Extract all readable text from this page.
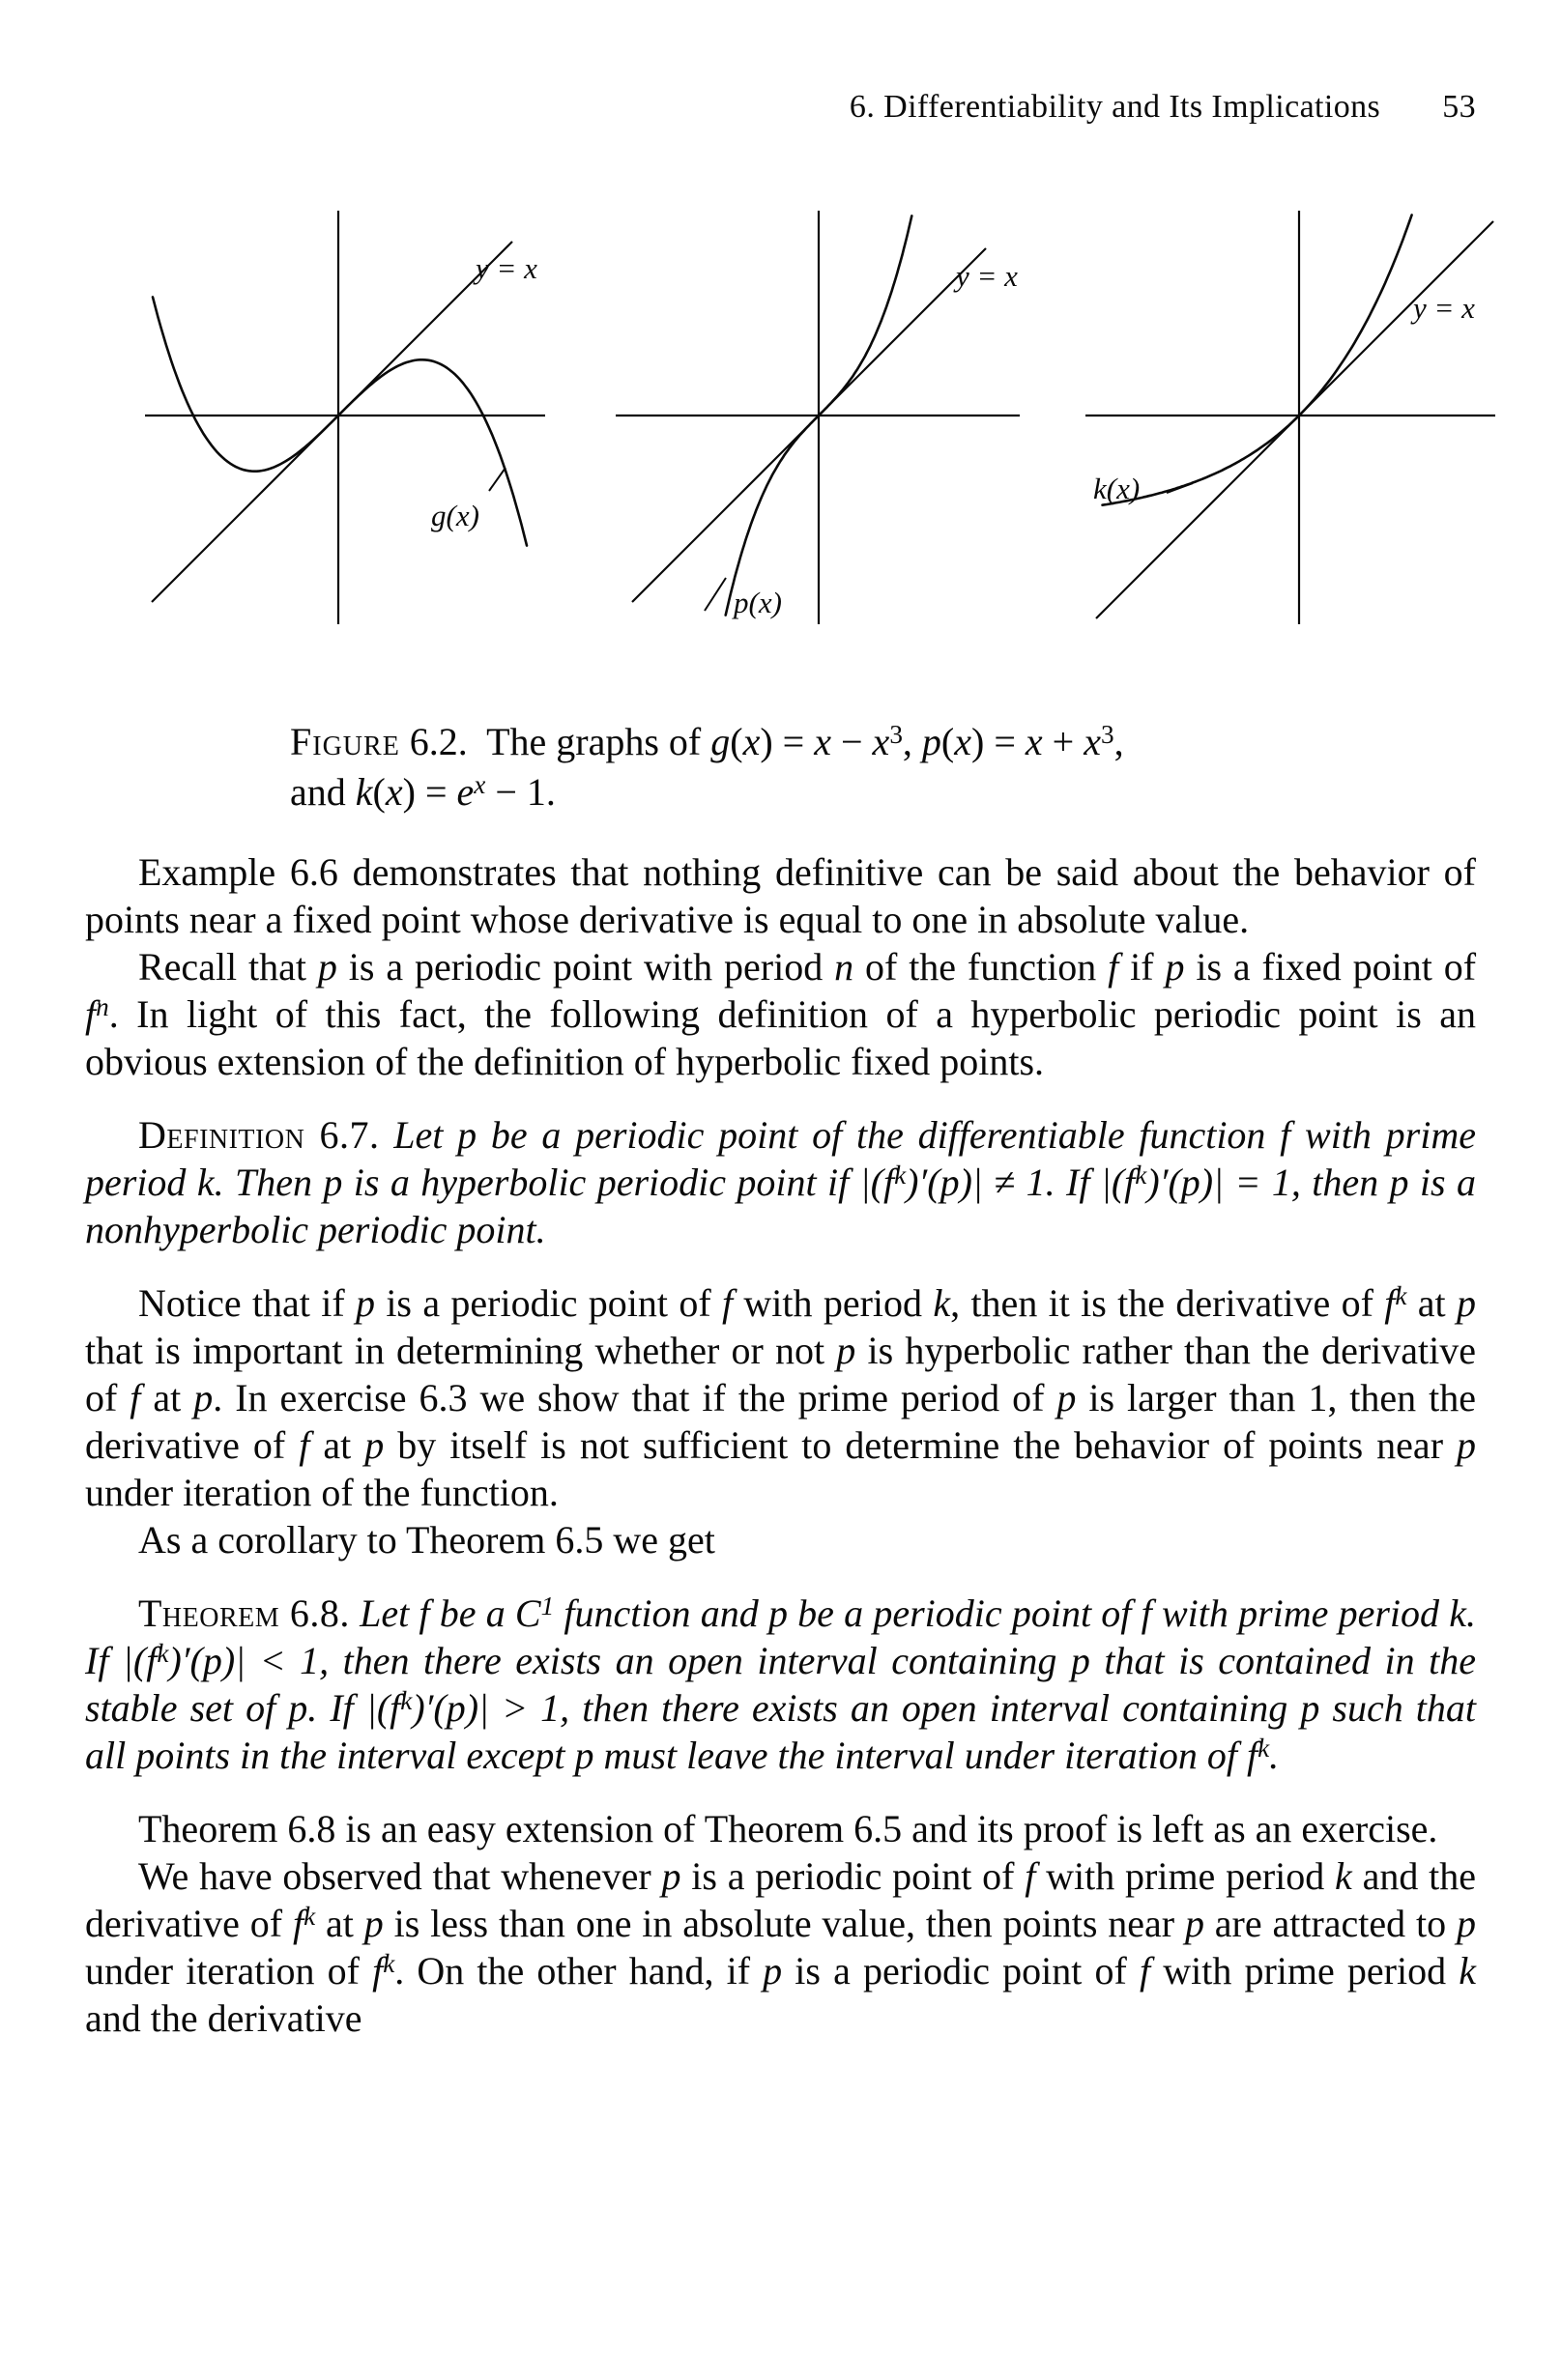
6. Differentiability and Its Implications 53
y = x
g(x)
y = x
p(x)
y = x
k(x)
Figure 6.2.  The graphs of $g(x) = x - x^3$, $p(x) = x + x^3$,
and $k(x) = e^x - 1$.

Example 6.6 demonstrates that nothing definitive can be said about the behavior of points near a fixed point whose derivative is equal to one in absolute value.

Recall that p is a periodic point with period n of the function f if p is a fixed point of $f^n$. In light of this fact, the following definition of a hyperbolic periodic point is an obvious extension of the definition of hyperbolic fixed points.

Definition 6.7. Let p be a periodic point of the differentiable function f with prime period k. Then p is a hyperbolic periodic point if $|(f^k)'(p)| \ne 1$. If $|(f^k)'(p)| = 1$, then p is a nonhyperbolic periodic point.

Notice that if p is a periodic point of f with period k, then it is the derivative of $f^k$ at p that is important in determining whether or not p is hyperbolic rather than the derivative of f at p. In exercise 6.3 we show that if the prime period of p is larger than 1, then the derivative of f at p by itself is not sufficient to determine the behavior of points near p under iteration of the function.

As a corollary to Theorem 6.5 we get

Theorem 6.8. Let f be a $C^1$ function and p be a periodic point of f with prime period k. If $|(f^k)'(p)| < 1$, then there exists an open interval containing p that is contained in the stable set of p. If $|(f^k)'(p)| > 1$, then there exists an open interval containing p such that all points in the interval except p must leave the interval under iteration of $f^k$.

Theorem 6.8 is an easy extension of Theorem 6.5 and its proof is left as an exercise.

We have observed that whenever p is a periodic point of f with prime period k and the derivative of $f^k$ at p is less than one in absolute value, then points near p are attracted to p under iteration of $f^k$. On the other hand, if p is a periodic point of f with prime period k and the derivative
